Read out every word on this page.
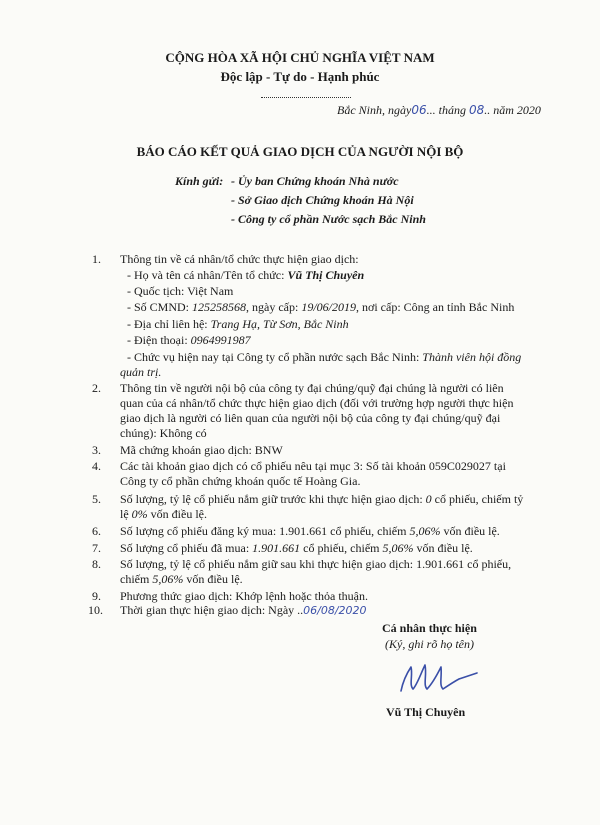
CỘNG HÒA XÃ HỘI CHỦ NGHĨA VIỆT NAM
Độc lập - Tự do - Hạnh phúc
Bắc Ninh, ngày06... tháng 08.. năm 2020
BÁO CÁO KẾT QUẢ GIAO DỊCH CỦA NGƯỜI NỘI BỘ
Kính gửi: - Ủy ban Chứng khoán Nhà nước
- Sở Giao dịch Chứng khoán Hà Nội
- Công ty cổ phần Nước sạch Bắc Ninh
1. Thông tin về cá nhân/tổ chức thực hiện giao dịch:
- Họ và tên cá nhân/Tên tổ chức: Vũ Thị Chuyên
- Quốc tịch: Việt Nam
- Số CMND: 125258568, ngày cấp: 19/06/2019, nơi cấp: Công an tỉnh Bắc Ninh
- Địa chỉ liên hệ: Trang Hạ, Từ Sơn, Bắc Ninh
- Điện thoại: 0964991987
- Chức vụ hiện nay tại Công ty cổ phần nước sạch Bắc Ninh: Thành viên hội đồng
quản trị.
2. Thông tin về người nội bộ của công ty đại chúng/quỹ đại chúng là người có liên
quan của cá nhân/tổ chức thực hiện giao dịch (đối với trường hợp người thực hiện
giao dịch là người có liên quan của người nội bộ của công ty đại chúng/quỹ đại
chúng): Không có
3. Mã chứng khoán giao dịch: BNW
4. Các tài khoản giao dịch có cổ phiếu nêu tại mục 3: Số tài khoản 059C029027 tại
Công ty cổ phần chứng khoán quốc tế Hoàng Gia.
5. Số lượng, tỷ lệ cổ phiếu nắm giữ trước khi thực hiện giao dịch: 0 cổ phiếu, chiếm tỷ
lệ 0% vốn điều lệ.
6. Số lượng cổ phiếu đăng ký mua: 1.901.661 cổ phiếu, chiếm 5,06% vốn điều lệ.
7. Số lượng cổ phiếu đã mua: 1.901.661 cổ phiếu, chiếm 5,06% vốn điều lệ.
8. Số lượng, tỷ lệ cổ phiếu nắm giữ sau khi thực hiện giao dịch: 1.901.661 cổ phiếu,
chiếm 5,06% vốn điều lệ.
9. Phương thức giao dịch: Khớp lệnh hoặc thỏa thuận.
10. Thời gian thực hiện giao dịch: Ngày ..06/08/2020
Cá nhân thực hiện
(Ký, ghi rõ họ tên)
Vũ Thị Chuyên
